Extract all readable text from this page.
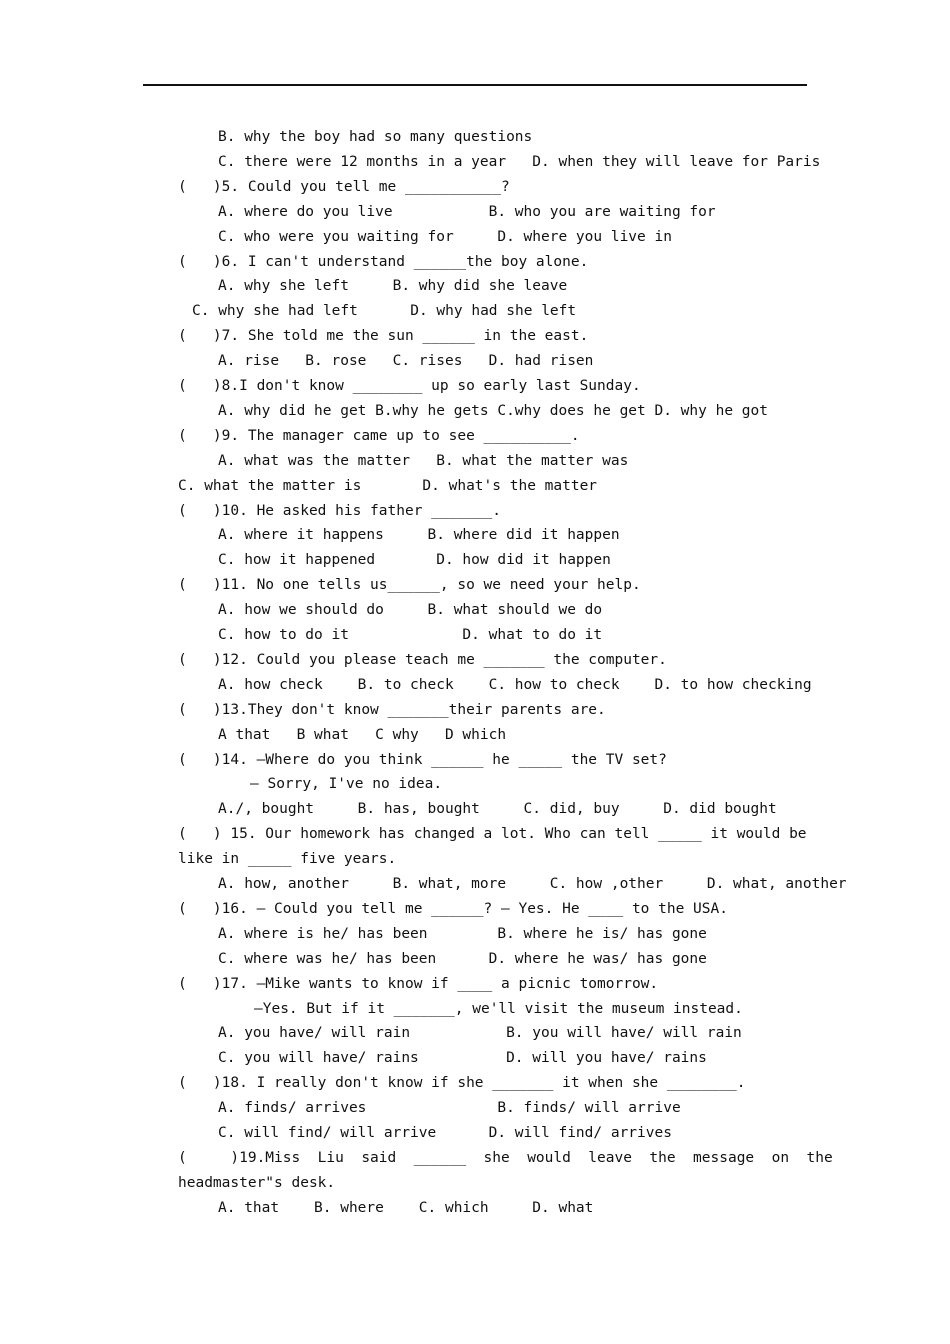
B. why the boy had so many questions
C. there were 12 months in a year   D. when they will leave for Paris
(   )5. Could you tell me ___________?
A. where do you live           B. who you are waiting for
C. who were you waiting for     D. where you live in
(   )6. I can't understand ______the boy alone.
A. why she left     B. why did she leave
C. why she had left      D. why had she left
(   )7. She told me the sun ______ in the east.
A. rise   B. rose   C. rises   D. had risen
(   )8.I don't know ________ up so early last Sunday.
A. why did he get B.why he gets C.why does he get D. why he got
(   )9. The manager came up to see __________.
A. what was the matter   B. what the matter was
C. what the matter is       D. what's the matter
(   )10. He asked his father _______.
A. where it happens     B. where did it happen
C. how it happened       D. how did it happen
(   )11. No one tells us______, so we need your help.
A. how we should do     B. what should we do
C. how to do it             D. what to do it
(   )12. Could you please teach me _______ the computer.
A. how check    B. to check    C. how to check    D. to how checking
(   )13.They don't know _______their parents are.
A that   B what   C why   D which
(   )14. —Where do you think ______ he _____ the TV set?
— Sorry, I've no idea.
A./, bought     B. has, bought     C. did, buy     D. did bought
(   ) 15. Our homework has changed a lot. Who can tell _____ it would be
like in _____ five years.
A. how, another     B. what, more     C. how ,other     D. what, another
(   )16. — Could you tell me ______? — Yes. He ____ to the USA.
A. where is he/ has been        B. where he is/ has gone
C. where was he/ has been      D. where he was/ has gone
(   )17. —Mike wants to know if ____ a picnic tomorrow.
—Yes. But if it _______, we'll visit the museum instead.
A. you have/ will rain           B. you will have/ will rain
C. you will have/ rains          D. will you have/ rains
(   )18. I really don't know if she _______ it when she ________.
A. finds/ arrives               B. finds/ will arrive
C. will find/ will arrive      D. will find/ arrives
(     )19.Miss  Liu  said  ______  she  would  leave  the  message  on  the
headmaster"s desk.
A. that    B. where    C. which     D. what
